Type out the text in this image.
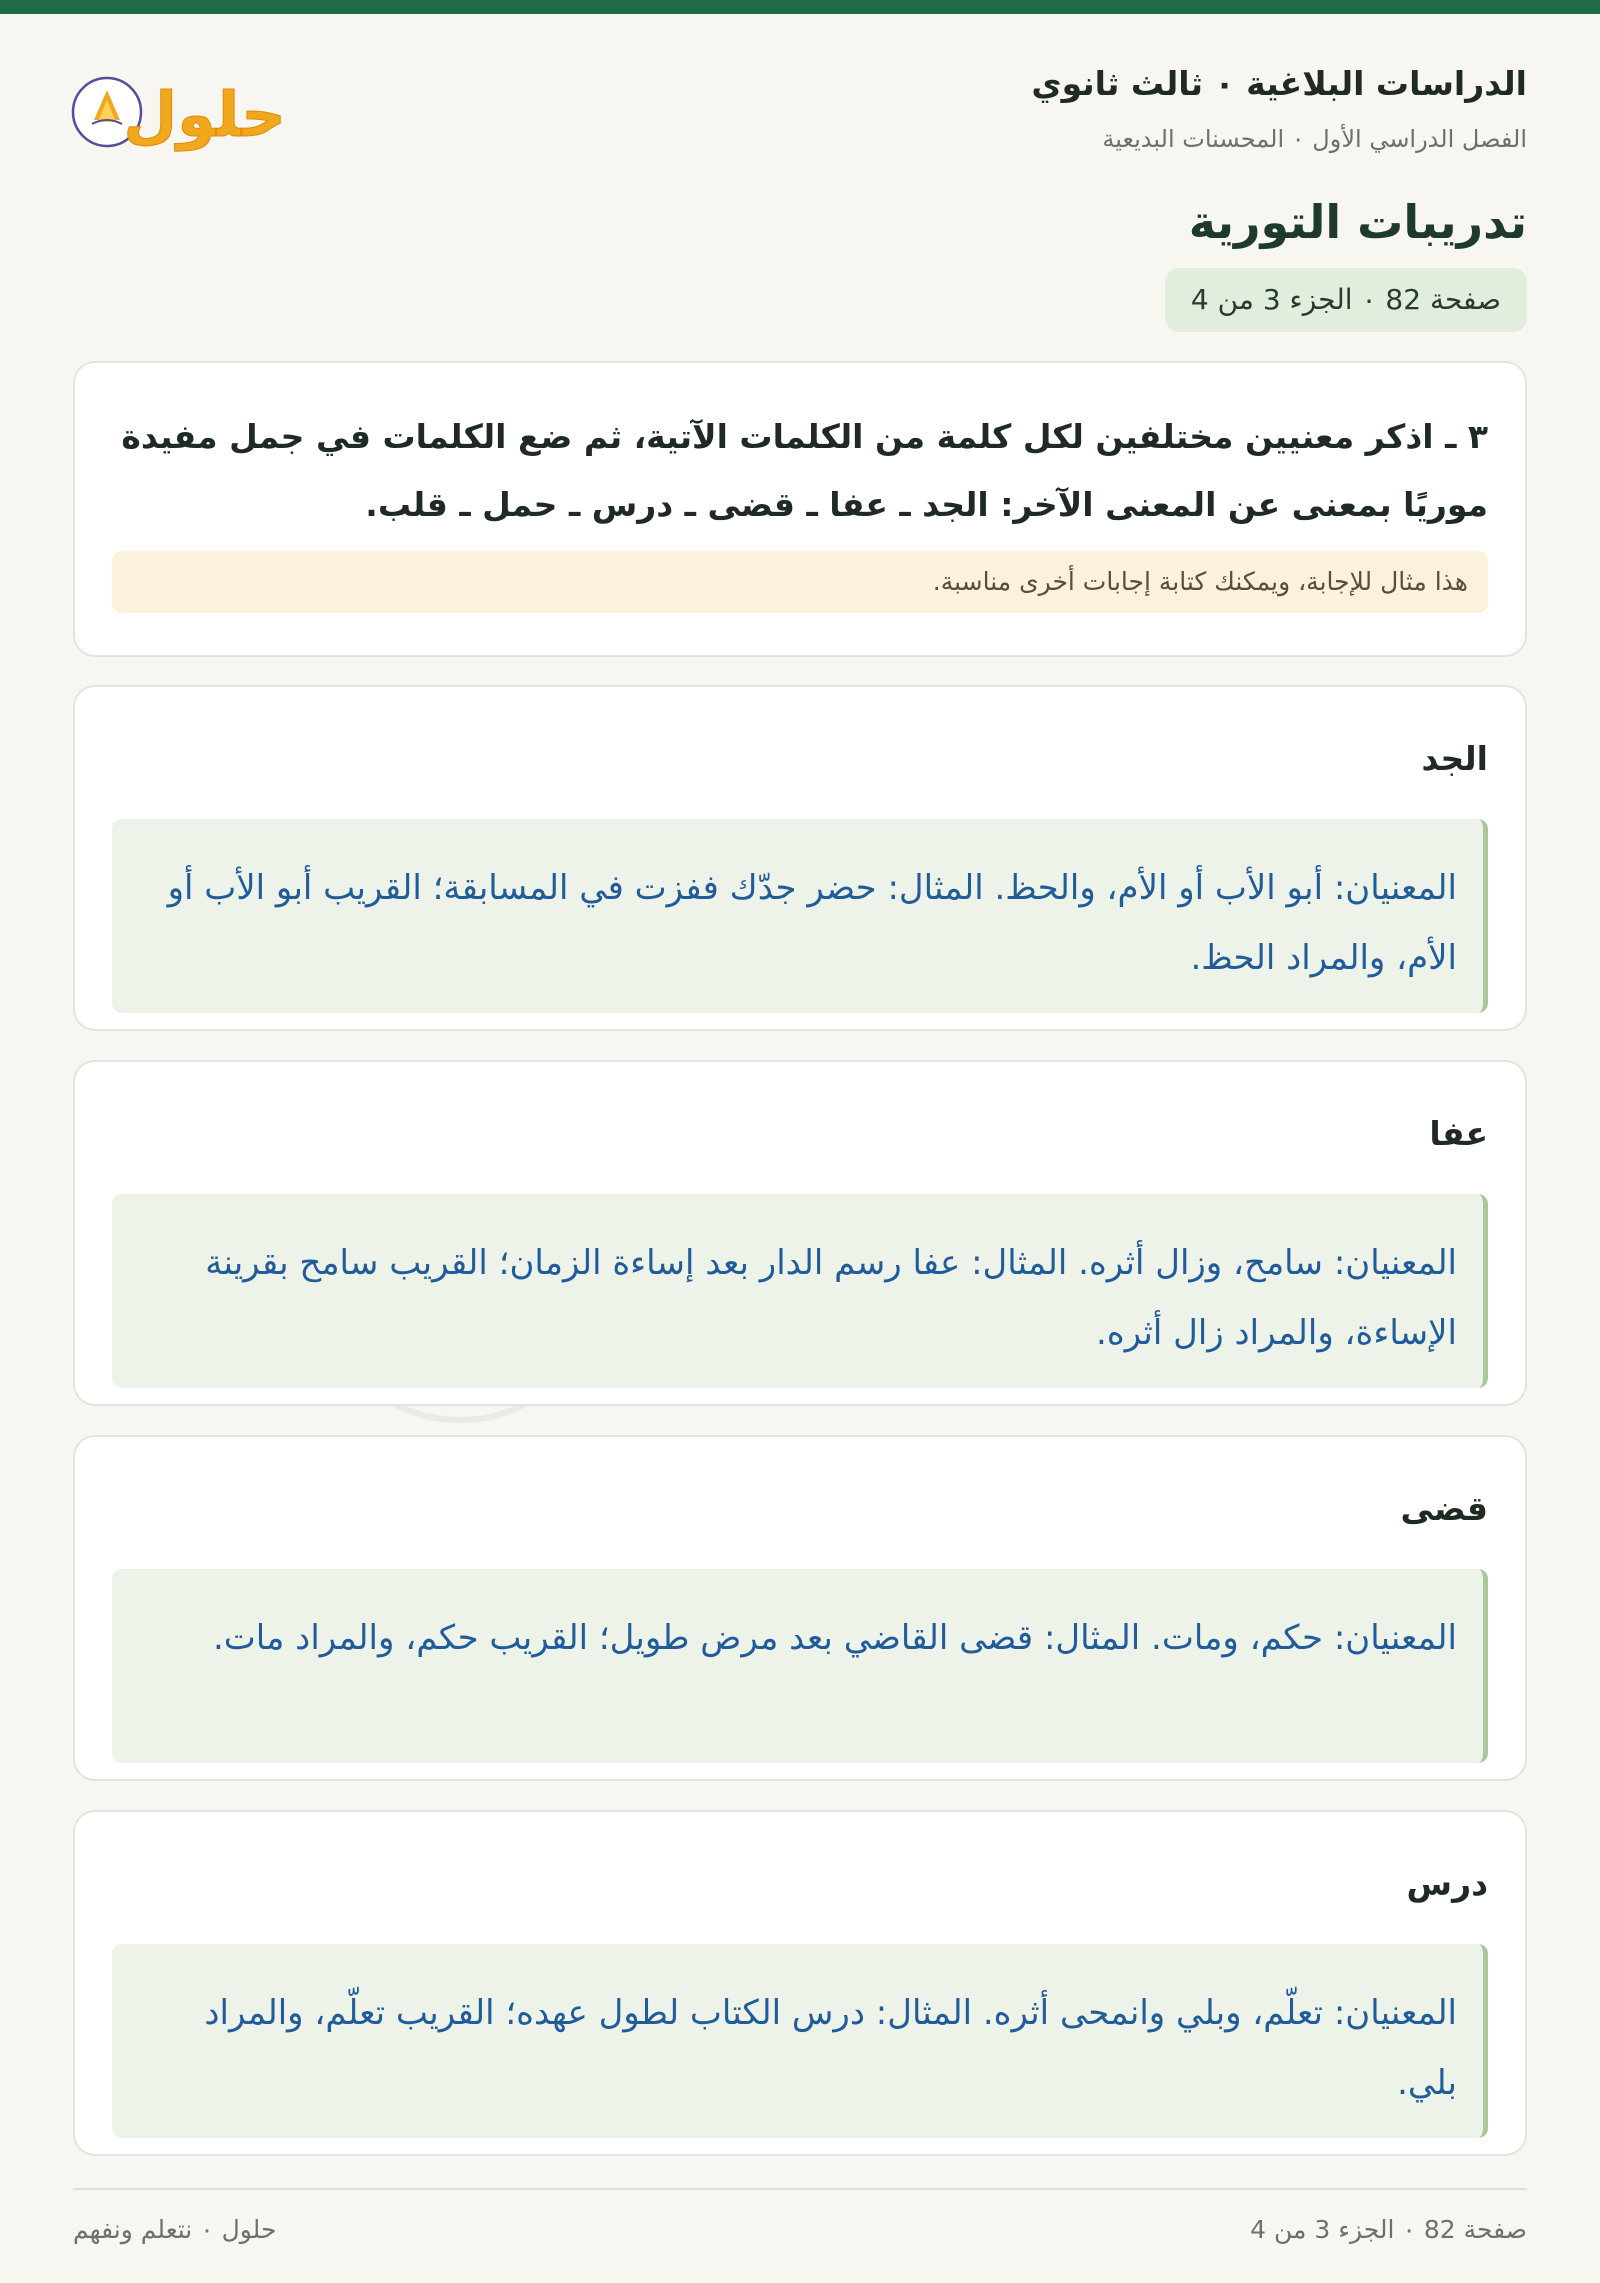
الدراسات البلاغية ٠ ثالث ثانوي
الفصل الدراسي الأول ٠ المحسنات البديعية
تدريبات التورية
صفحة 82 ٠ الجزء 3 من 4
حلول
٣ ـ اذكر معنيين مختلفين لكل كلمة من الكلمات الآتية، ثم ضع الكلمات في جمل مفيدة موريًا بمعنى عن المعنى الآخر: الجد ـ عفا ـ قضى ـ درس ـ حمل ـ قلب.
هذا مثال للإجابة، ويمكنك كتابة إجابات أخرى مناسبة.
الجد
المعنيان: أبو الأب أو الأم، والحظ. المثال: حضر جدّك ففزت في المسابقة؛ القريب أبو الأب أو الأم، والمراد الحظ.
عفا
المعنيان: سامح، وزال أثره. المثال: عفا رسم الدار بعد إساءة الزمان؛ القريب سامح بقرينة الإساءة، والمراد زال أثره.
قضى
المعنيان: حكم، ومات. المثال: قضى القاضي بعد مرض طويل؛ القريب حكم، والمراد مات.
درس
المعنيان: تعلّم، وبلي وانمحى أثره. المثال: درس الكتاب لطول عهده؛ القريب تعلّم، والمراد بلي.
صفحة 82 ٠ الجزء 3 من 4
حلول ٠ نتعلم ونفهم
